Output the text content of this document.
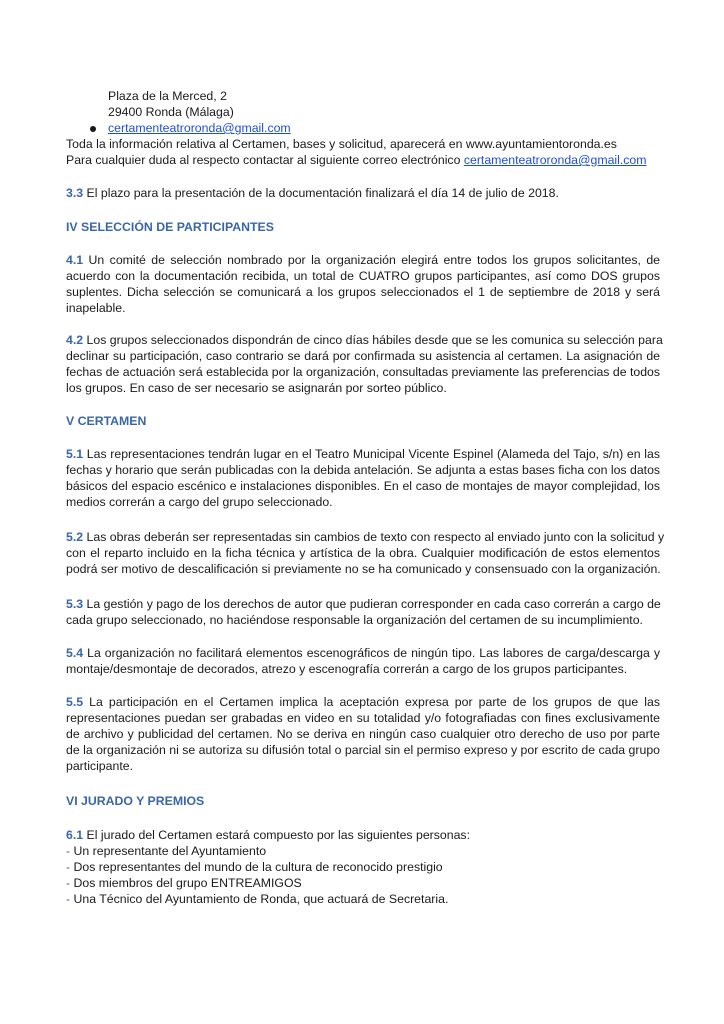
Plaza de la Merced, 2
29400 Ronda (Málaga)
certamenteatroronda@gmail.com
Toda la información relativa al Certamen, bases y solicitud, aparecerá en www.ayuntamientoronda.es
Para cualquier duda al respecto contactar al siguiente correo electrónico certamenteatroronda@gmail.com
3.3 El plazo para la presentación de la documentación finalizará el día 14 de julio de 2018.
IV SELECCIÓN DE PARTICIPANTES
4.1 Un comité de selección nombrado por la organización elegirá entre todos los grupos solicitantes, de
acuerdo con la documentación recibida, un total de CUATRO grupos participantes, así como DOS grupos
suplentes. Dicha selección se comunicará a los grupos seleccionados el 1 de septiembre de 2018 y será
inapelable.
4.2 Los grupos seleccionados dispondrán de cinco días hábiles desde que se les comunica su selección para
declinar su participación, caso contrario se dará por confirmada su asistencia al certamen. La asignación de
fechas de actuación será establecida por la organización, consultadas previamente las preferencias de todos
los grupos. En caso de ser necesario se asignarán por sorteo público.
V CERTAMEN
5.1 Las representaciones tendrán lugar en el Teatro Municipal Vicente Espinel (Alameda del Tajo, s/n) en las
fechas y horario que serán publicadas con la debida antelación. Se adjunta a estas bases ficha con los datos
básicos del espacio escénico e instalaciones disponibles. En el caso de montajes de mayor complejidad, los
medios correrán a cargo del grupo seleccionado.
5.2 Las obras deberán ser representadas sin cambios de texto con respecto al enviado junto con la solicitud y
con el reparto incluido en la ficha técnica y artística de la obra. Cualquier modificación de estos elementos
podrá ser motivo de descalificación si previamente no se ha comunicado y consensuado con la organización.
5.3 La gestión y pago de los derechos de autor que pudieran corresponder en cada caso correrán a cargo de
cada grupo seleccionado, no haciéndose responsable la organización del certamen de su incumplimiento.
5.4 La organización no facilitará elementos escenográficos de ningún tipo. Las labores de carga/descarga y
montaje/desmontaje de decorados, atrezo y escenografía correrán a cargo de los grupos participantes.
5.5 La participación en el Certamen implica la aceptación expresa por parte de los grupos de que las
representaciones puedan ser grabadas en video en su totalidad y/o fotografiadas con fines exclusivamente
de archivo y publicidad del certamen. No se deriva en ningún caso cualquier otro derecho de uso por parte
de la organización ni se autoriza su difusión total o parcial sin el permiso expreso y por escrito de cada grupo
participante.
VI JURADO Y PREMIOS
6.1 El jurado del Certamen estará compuesto por las siguientes personas:
- Un representante del Ayuntamiento
- Dos representantes del mundo de la cultura de reconocido prestigio
- Dos miembros del grupo ENTREAMIGOS
- Una Técnico del Ayuntamiento de Ronda, que actuará de Secretaria.
